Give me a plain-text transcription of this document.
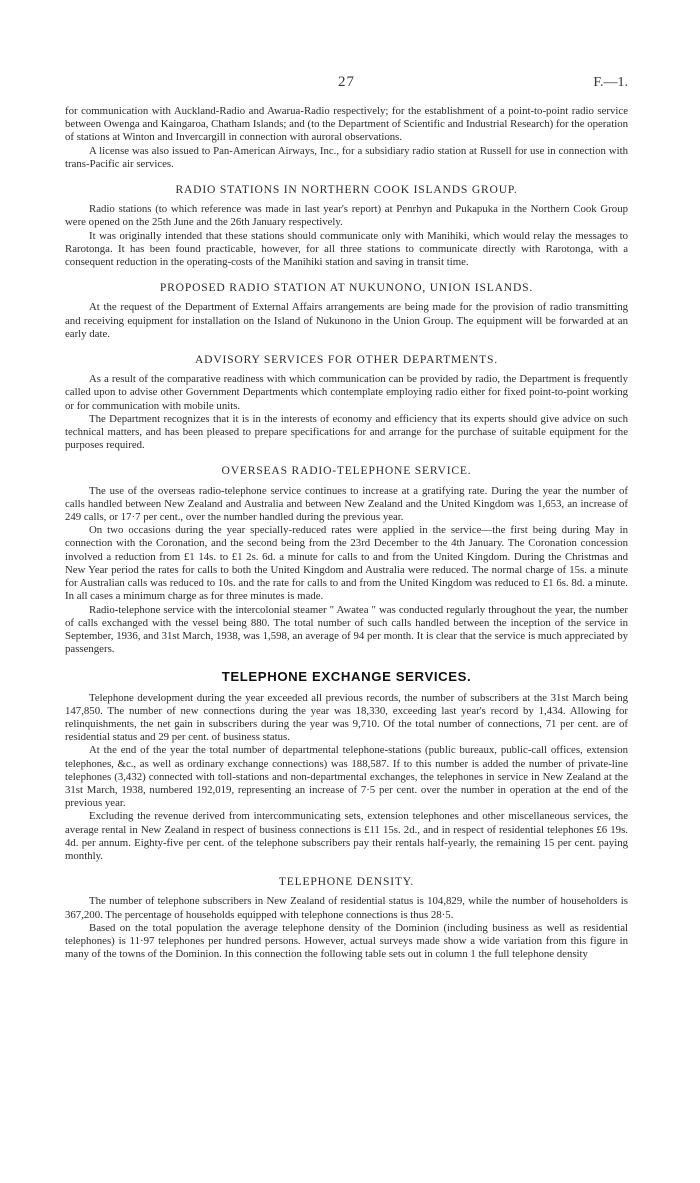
27	F.—1.

for communication with Auckland-Radio and Awarua-Radio respectively; for the establishment of a point-to-point radio service between Owenga and Kaingaroa, Chatham Islands; and (to the Department of Scientific and Industrial Research) for the operation of stations at Winton and Invercargill in connection with auroral observations.

A license was also issued to Pan-American Airways, Inc., for a subsidiary radio station at Russell for use in connection with trans-Pacific air services.

RADIO STATIONS IN NORTHERN COOK ISLANDS GROUP.

Radio stations (to which reference was made in last year's report) at Penrhyn and Pukapuka in the Northern Cook Group were opened on the 25th June and the 26th January respectively.

It was originally intended that these stations should communicate only with Manihiki, which would relay the messages to Rarotonga. It has been found practicable, however, for all three stations to communicate directly with Rarotonga, with a consequent reduction in the operating-costs of the Manihiki station and saving in transit time.

PROPOSED RADIO STATION AT NUKUNONO, UNION ISLANDS.

At the request of the Department of External Affairs arrangements are being made for the provision of radio transmitting and receiving equipment for installation on the Island of Nukunono in the Union Group. The equipment will be forwarded at an early date.

ADVISORY SERVICES FOR OTHER DEPARTMENTS.

As a result of the comparative readiness with which communication can be provided by radio, the Department is frequently called upon to advise other Government Departments which contemplate employing radio either for fixed point-to-point working or for communication with mobile units.

The Department recognizes that it is in the interests of economy and efficiency that its experts should give advice on such technical matters, and has been pleased to prepare specifications for and arrange for the purchase of suitable equipment for the purposes required.

OVERSEAS RADIO-TELEPHONE SERVICE.

The use of the overseas radio-telephone service continues to increase at a gratifying rate. During the year the number of calls handled between New Zealand and Australia and between New Zealand and the United Kingdom was 1,653, an increase of 249 calls, or 17·7 per cent., over the number handled during the previous year.

On two occasions during the year specially-reduced rates were applied in the service—the first being during May in connection with the Coronation, and the second being from the 23rd December to the 4th January. The Coronation concession involved a reduction from £1 14s. to £1 2s. 6d. a minute for calls to and from the United Kingdom. During the Christmas and New Year period the rates for calls to both the United Kingdom and Australia were reduced. The normal charge of 15s. a minute for Australian calls was reduced to 10s. and the rate for calls to and from the United Kingdom was reduced to £1 6s. 8d. a minute. In all cases a minimum charge as for three minutes is made.

Radio-telephone service with the intercolonial steamer " Awatea " was conducted regularly throughout the year, the number of calls exchanged with the vessel being 880. The total number of such calls handled between the inception of the service in September, 1936, and 31st March, 1938, was 1,598, an average of 94 per month. It is clear that the service is much appreciated by passengers.

TELEPHONE EXCHANGE SERVICES.

Telephone development during the year exceeded all previous records, the number of subscribers at the 31st March being 147,850. The number of new connections during the year was 18,330, exceeding last year's record by 1,434. Allowing for relinquishments, the net gain in subscribers during the year was 9,710. Of the total number of connections, 71 per cent. are of residential status and 29 per cent. of business status.

At the end of the year the total number of departmental telephone-stations (public bureaux, public-call offices, extension telephones, &c., as well as ordinary exchange connections) was 188,587. If to this number is added the number of private-line telephones (3,432) connected with toll-stations and non-departmental exchanges, the telephones in service in New Zealand at the 31st March, 1938, numbered 192,019, representing an increase of 7·5 per cent. over the number in operation at the end of the previous year.

Excluding the revenue derived from intercommunicating sets, extension telephones and other miscellaneous services, the average rental in New Zealand in respect of business connections is £11 15s. 2d., and in respect of residential telephones £6 19s. 4d. per annum. Eighty-five per cent. of the telephone subscribers pay their rentals half-yearly, the remaining 15 per cent. paying monthly.

TELEPHONE DENSITY.

The number of telephone subscribers in New Zealand of residential status is 104,829, while the number of householders is 367,200. The percentage of households equipped with telephone connections is thus 28·5.

Based on the total population the average telephone density of the Dominion (including business as well as residential telephones) is 11·97 telephones per hundred persons. However, actual surveys made show a wide variation from this figure in many of the towns of the Dominion. In this connection the following table sets out in column 1 the full telephone density
